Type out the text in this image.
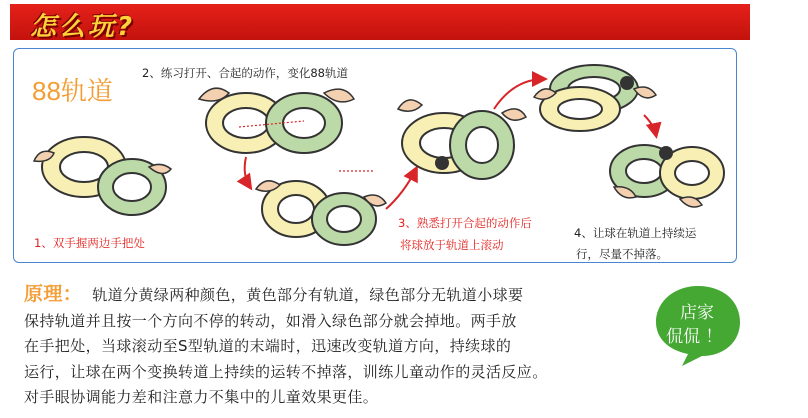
怎么玩?
88轨道
2、练习打开、合起的动作，变化88轨道
1、双手握两边手把处
3、熟悉打开合起的动作后
将球放于轨道上滚动
4、让球在轨道上持续运
行，尽量不掉落。
原理： 轨道分黄绿两种颜色，黄色部分有轨道，绿色部分无轨道小球要
保持轨道并且按一个方向不停的转动，如滑入绿色部分就会掉地。两手放
在手把处，当球滚动至S型轨道的末端时，迅速改变轨道方向，持续球的
运行，让球在两个变换转道上持续的运转不掉落，训练儿童动作的灵活反应。
对手眼协调能力差和注意力不集中的儿童效果更佳。
店家
侃侃 ！
